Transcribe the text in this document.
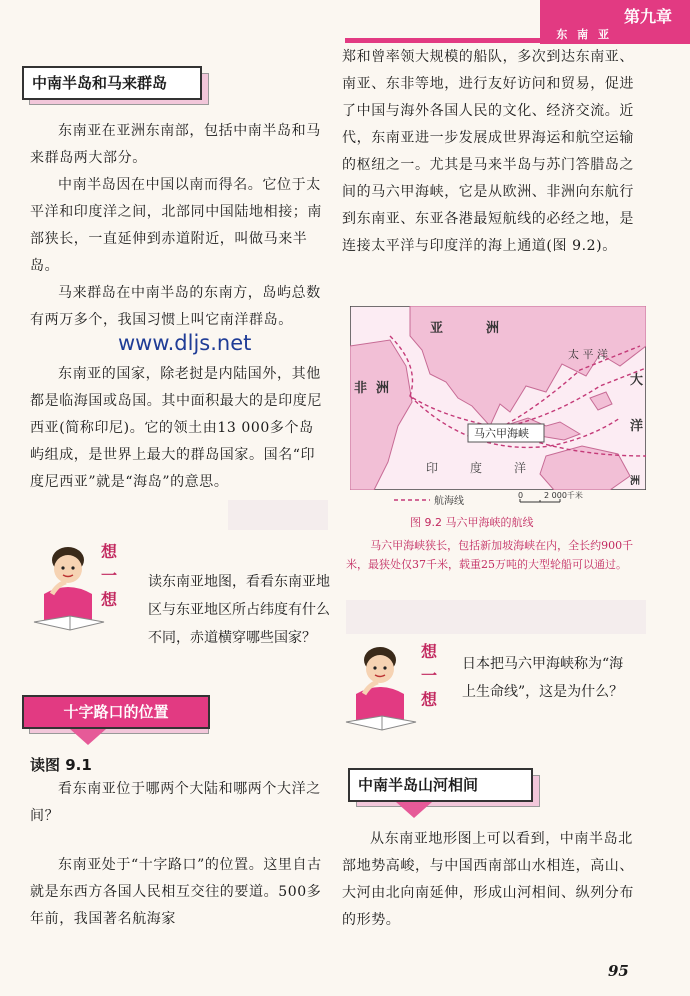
第九章
东 南 亚
中南半岛和马来群岛

东南亚在亚洲东南部，包括中南半岛和马来群岛两大部分。

中南半岛因在中国以南而得名。它位于太平洋和印度洋之间，北部同中国陆地相接；南部狭长，一直延伸到赤道附近，叫做马来半岛。

马来群岛在中南半岛的东南方，岛屿总数有两万多个，我国习惯上叫它南洋群岛。

www.dljs.net

东南亚的国家，除老挝是内陆国外，其他都是临海国或岛国。其中面积最大的是印度尼西亚(简称印尼)。它的领土由13 000多个岛屿组成，是世界上最大的群岛国家。国名“印度尼西亚”就是“海岛”的意思。

想
一
想

读东南亚地图，看看东南亚地区与东亚地区所占纬度有什么不同，赤道横穿哪些国家？

十字路口的位置
读图 9.1

看东南亚位于哪两个大陆和哪两个大洋之间？

东南亚处于“十字路口”的位置。这里自古就是东西方各国人民相互交往的要道。500多年前，我国著名航海家

郑和曾率领大规模的船队，多次到达东南亚、南亚、东非等地，进行友好访问和贸易，促进了中国与海外各国人民的文化、经济交流。近代，东南亚进一步发展成世界海运和航空运输的枢纽之一。尤其是马来半岛与苏门答腊岛之间的马六甲海峡，它是从欧洲、非洲向东航行到东南亚、东亚各港最短航线的必经之地，是连接太平洋与印度洋的海上通道(图 9.2)。

亚	洲
非 洲
太 平 洋
大
洋
洲
马六甲海峡
印	度	洋
航海线
0	2 000千米
图 9.2 马六甲海峡的航线

马六甲海峡狭长，包括新加坡海峡在内，全长约900千米，最狭处仅37千米，载重25万吨的大型轮船可以通过。

想
一
想

日本把马六甲海峡称为“海上生命线”，这是为什么？

中南半岛山河相间

从东南亚地形图上可以看到，中南半岛北部地势高峻，与中国西南部山水相连，高山、大河由北向南延伸，形成山河相间、纵列分布的形势。

95
